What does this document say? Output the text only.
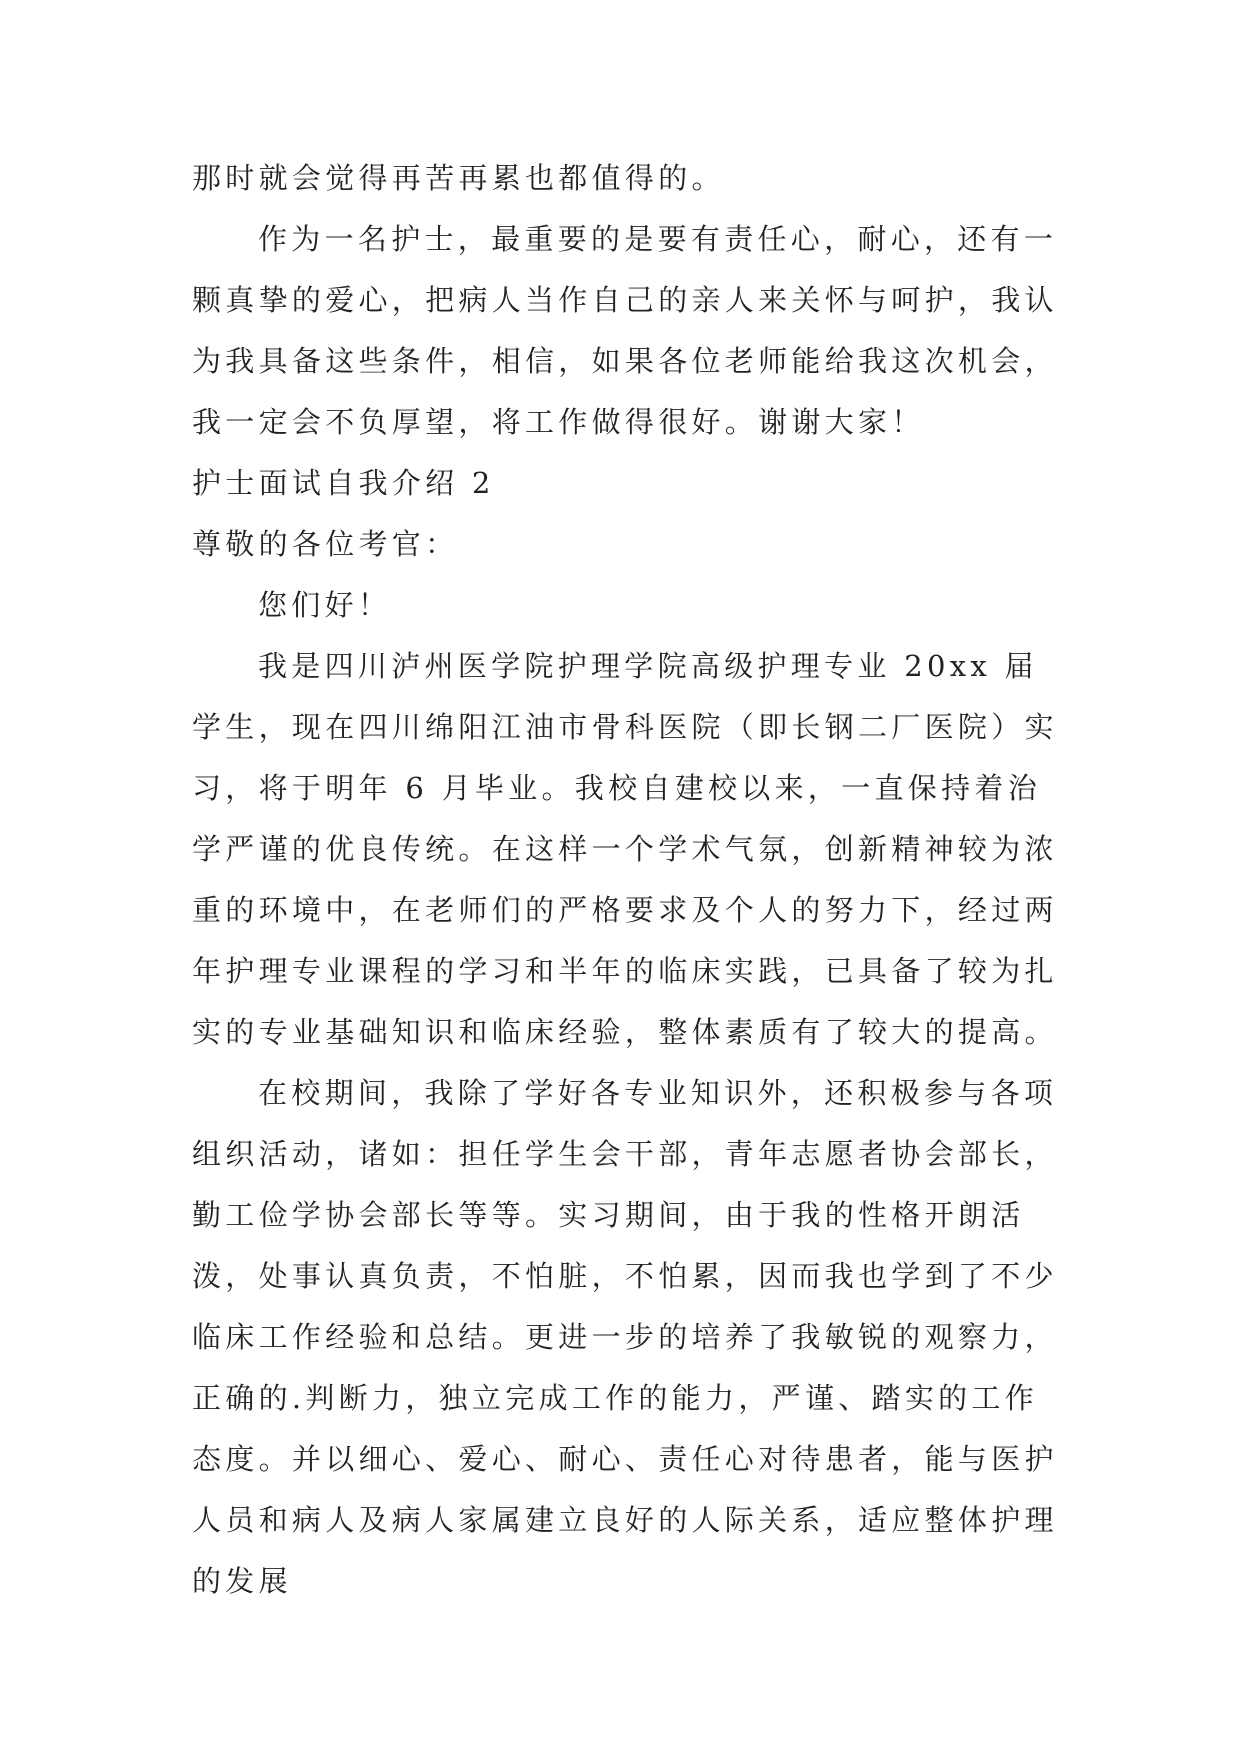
那时就会觉得再苦再累也都值得的。

作为一名护士，最重要的是要有责任心，耐心，还有一颗真挚的爱心，把病人当作自己的亲人来关怀与呵护，我认为我具备这些条件，相信，如果各位老师能给我这次机会，我一定会不负厚望，将工作做得很好。谢谢大家！

护士面试自我介绍 2

尊敬的各位考官：

您们好！

我是四川泸州医学院护理学院高级护理专业 20xx 届学生，现在四川绵阳江油市骨科医院（即长钢二厂医院）实习，将于明年 6 月毕业。我校自建校以来，一直保持着治学严谨的优良传统。在这样一个学术气氛，创新精神较为浓重的环境中，在老师们的严格要求及个人的努力下，经过两年护理专业课程的学习和半年的临床实践，已具备了较为扎实的专业基础知识和临床经验，整体素质有了较大的提高。

在校期间，我除了学好各专业知识外，还积极参与各项组织活动，诸如：担任学生会干部，青年志愿者协会部长，勤工俭学协会部长等等。实习期间，由于我的性格开朗活泼，处事认真负责，不怕脏，不怕累，因而我也学到了不少临床工作经验和总结。更进一步的培养了我敏锐的观察力，正确的.判断力，独立完成工作的能力，严谨、踏实的工作态度。并以细心、爱心、耐心、责任心对待患者，能与医护人员和病人及病人家属建立良好的人际关系，适应整体护理的发展
